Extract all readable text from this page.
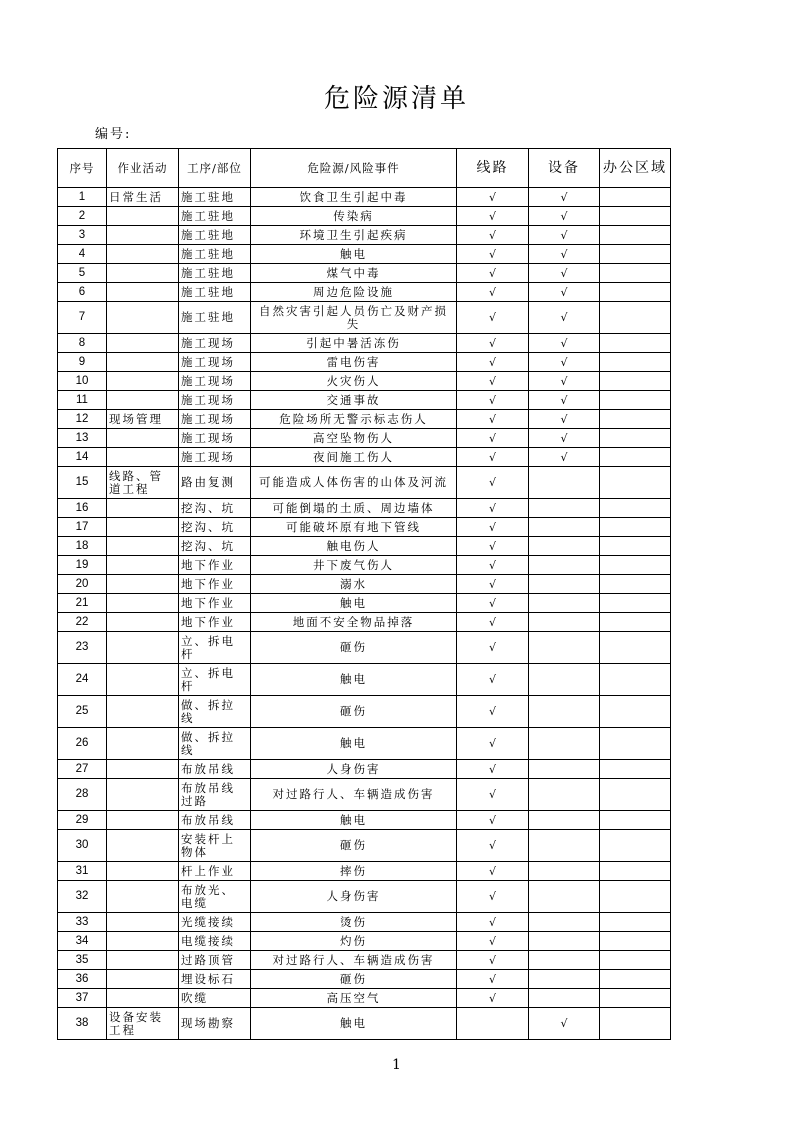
危险源清单
编号:
序号	作业活动	工序/部位	危险源/风险事件	线路	设备	办公区域
1	日常生活	施工驻地	饮食卫生引起中毒	√	√	
2		施工驻地	传染病	√	√	
3		施工驻地	环境卫生引起疾病	√	√	
4		施工驻地	触电	√	√	
5		施工驻地	煤气中毒	√	√	
6		施工驻地	周边危险设施	√	√	
7		施工驻地	自然灾害引起人员伤亡及财产损失	√	√	
8		施工现场	引起中暑活冻伤	√	√	
9		施工现场	雷电伤害	√	√	
10		施工现场	火灾伤人	√	√	
11		施工现场	交通事故	√	√	
12	现场管理	施工现场	危险场所无警示标志伤人	√	√	
13		施工现场	高空坠物伤人	√	√	
14		施工现场	夜间施工伤人	√	√	
15	线路、管道工程	路由复测	可能造成人体伤害的山体及河流	√		
16		挖沟、坑	可能倒塌的土质、周边墙体	√		
17		挖沟、坑	可能破坏原有地下管线	√		
18		挖沟、坑	触电伤人	√		
19		地下作业	井下废气伤人	√		
20		地下作业	溺水	√		
21		地下作业	触电	√		
22		地下作业	地面不安全物品掉落	√		
23		立、拆电杆	砸伤	√		
24		立、拆电杆	触电	√		
25		做、拆拉线	砸伤	√		
26		做、拆拉线	触电	√		
27		布放吊线	人身伤害	√		
28		布放吊线过路	对过路行人、车辆造成伤害	√		
29		布放吊线	触电	√		
30		安装杆上物体	砸伤	√		
31		杆上作业	摔伤	√		
32		布放光、电缆	人身伤害	√		
33		光缆接续	烫伤	√		
34		电缆接续	灼伤	√		
35		过路顶管	对过路行人、车辆造成伤害	√		
36		埋设标石	砸伤	√		
37		吹缆	高压空气	√		
38	设备安装工程	现场勘察	触电		√	
1
